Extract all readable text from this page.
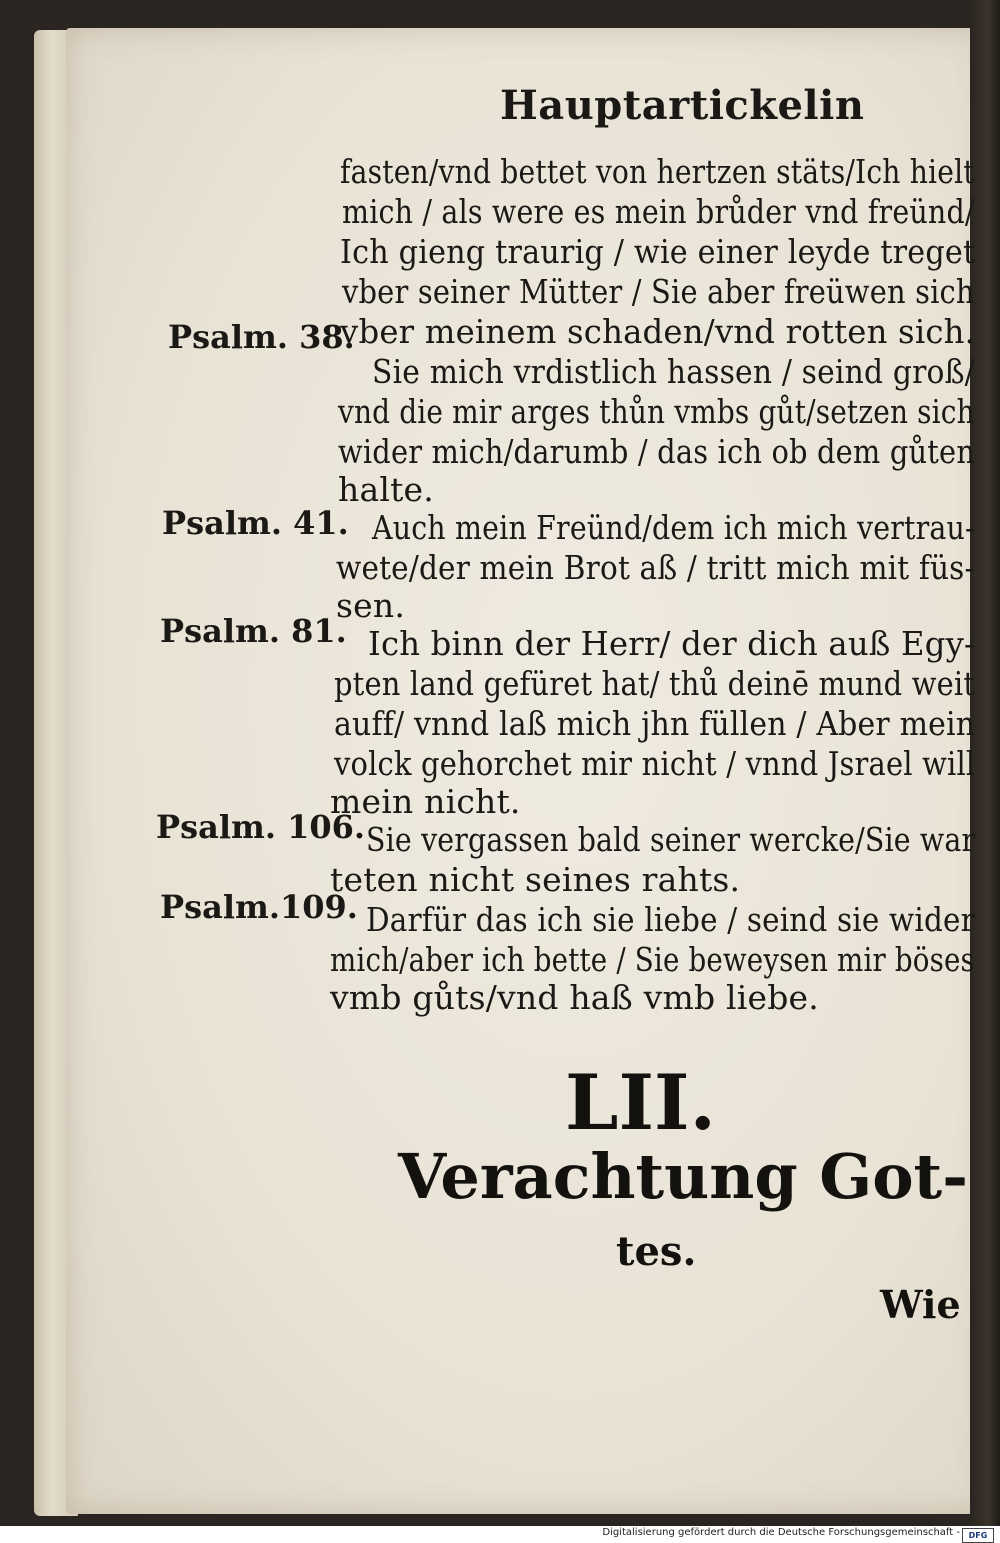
Hauptartickelin
Psalm. 38.
Psalm. 41.
Psalm. 81.
Psalm. 106.
Psalm.109.
fasten/vnd bettet von hertzen stäts/Ich hielt
mich / als were es mein brůder vnd freünd/
Ich gieng traurig / wie einer leyde treget
vber seiner Mütter / Sie aber freüwen sich
vber meinem schaden/vnd rotten sich.
Sie mich vrdistlich hassen / seind groß/
vnd die mir arges thůn vmbs gůt/setzen sich
wider mich/darumb / das ich ob dem gůten
halte.
Auch mein Freünd/dem ich mich vertrau-
wete/der mein Brot aß / tritt mich mit füs-
sen.
Ich binn der Herr/ der dich auß Egy-
pten land gefüret hat/ thů deinē mund weit
auff/ vnnd laß mich jhn füllen / Aber mein
volck gehorchet mir nicht / vnnd Jsrael will
mein nicht.
Sie vergassen bald seiner wercke/Sie war
teten nicht seines rahts.
Darfür das ich sie liebe / seind sie wider
mich/aber ich bette / Sie beweysen mir böses
vmb gůts/vnd haß vmb liebe.
LII.
Verachtung Got-
tes.
Wie
Digitalisierung gefördert durch die Deutsche Forschungsgemeinschaft -	DFG
